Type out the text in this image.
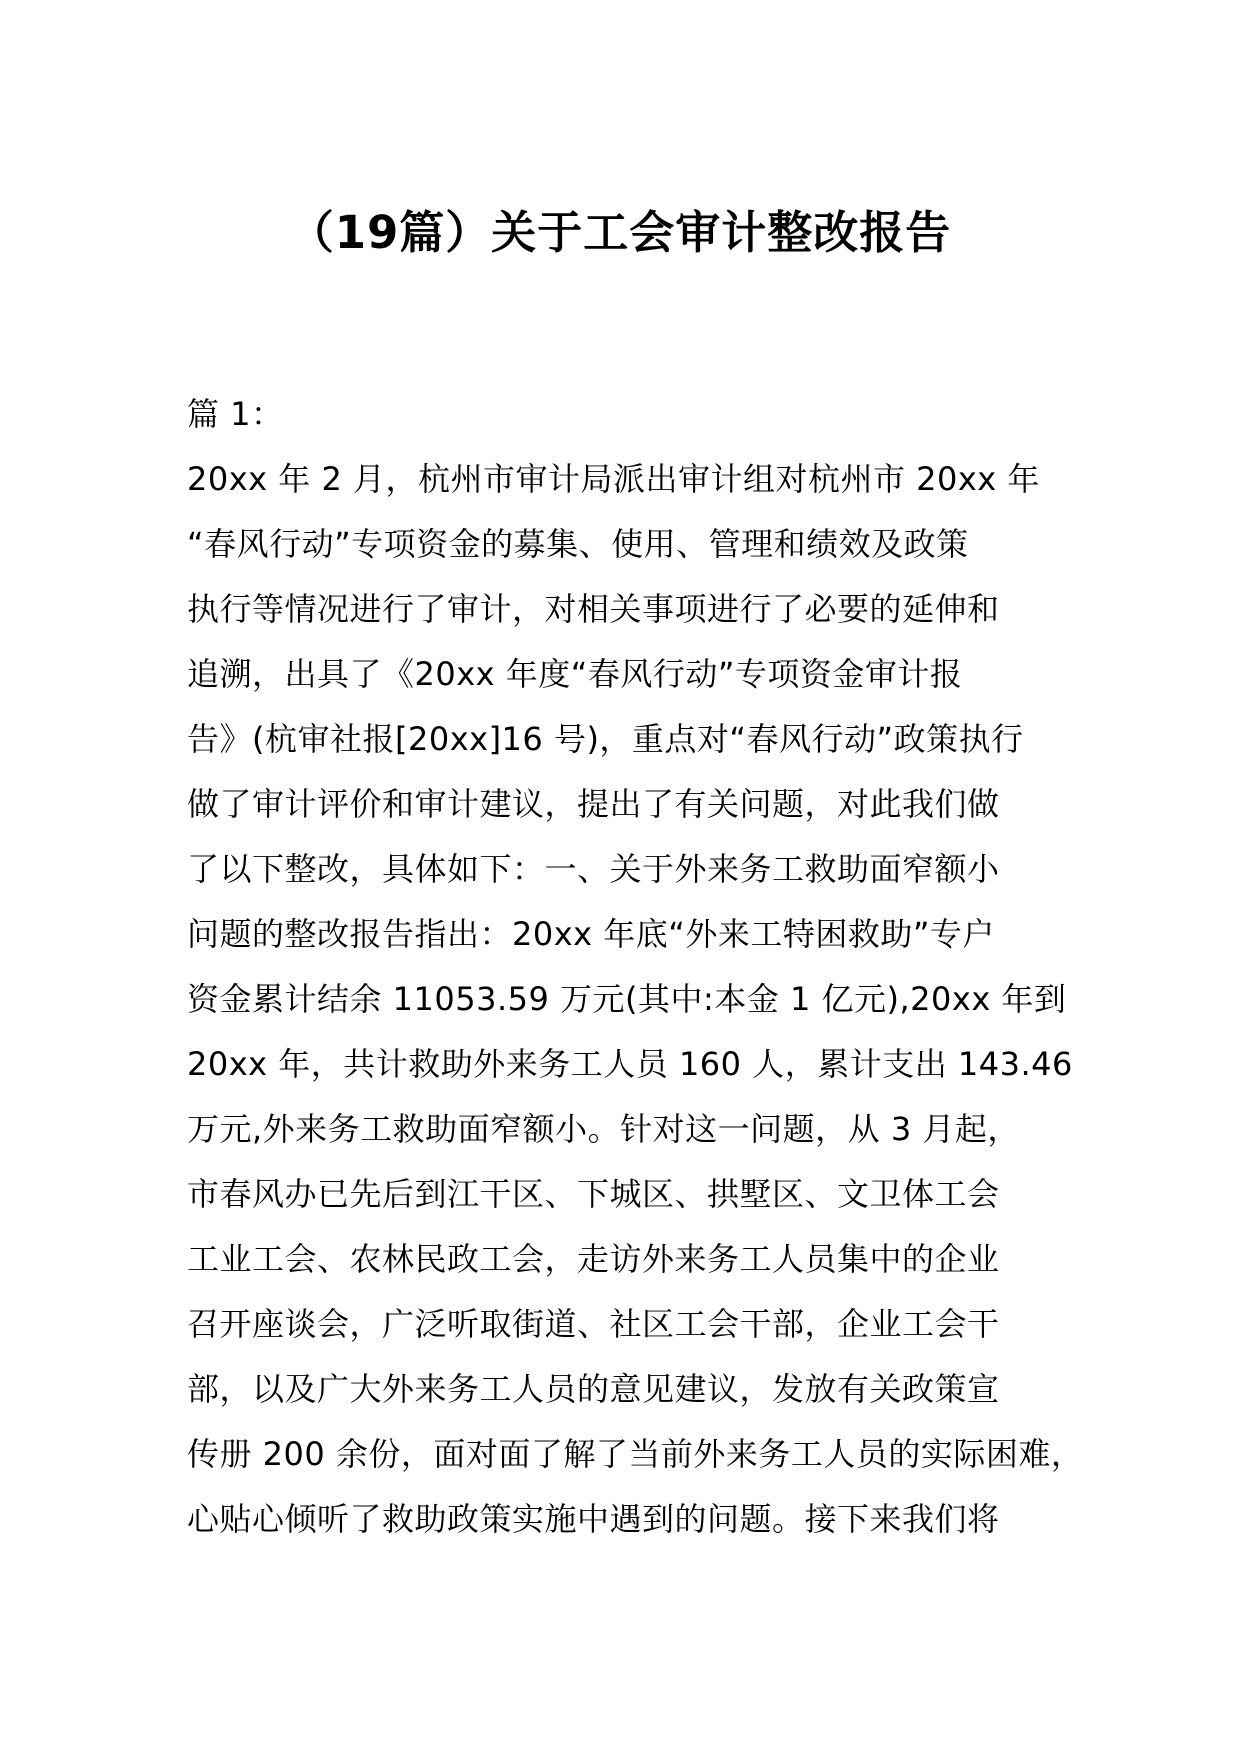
（19篇）关于工会审计整改报告
篇 1：
20xx 年 2 月，杭州市审计局派出审计组对杭州市 20xx 年
“春风行动”专项资金的募集、使用、管理和绩效及政策
执行等情况进行了审计，对相关事项进行了必要的延伸和
追溯，出具了《20xx 年度“春风行动”专项资金审计报
告》(杭审社报[20xx]16 号)，重点对“春风行动”政策执行
做了审计评价和审计建议，提出了有关问题，对此我们做
了以下整改，具体如下：一、关于外来务工救助面窄额小
问题的整改报告指出：20xx 年底“外来工特困救助”专户
资金累计结余 11053.59 万元(其中:本金 1 亿元),20xx 年到
20xx 年，共计救助外来务工人员 160 人，累计支出 143.46
万元,外来务工救助面窄额小。针对这一问题，从 3 月起，
市春风办已先后到江干区、下城区、拱墅区、文卫体工会
工业工会、农林民政工会，走访外来务工人员集中的企业
召开座谈会，广泛听取街道、社区工会干部，企业工会干
部，以及广大外来务工人员的意见建议，发放有关政策宣
传册 200 余份，面对面了解了当前外来务工人员的实际困难，
心贴心倾听了救助政策实施中遇到的问题。接下来我们将
